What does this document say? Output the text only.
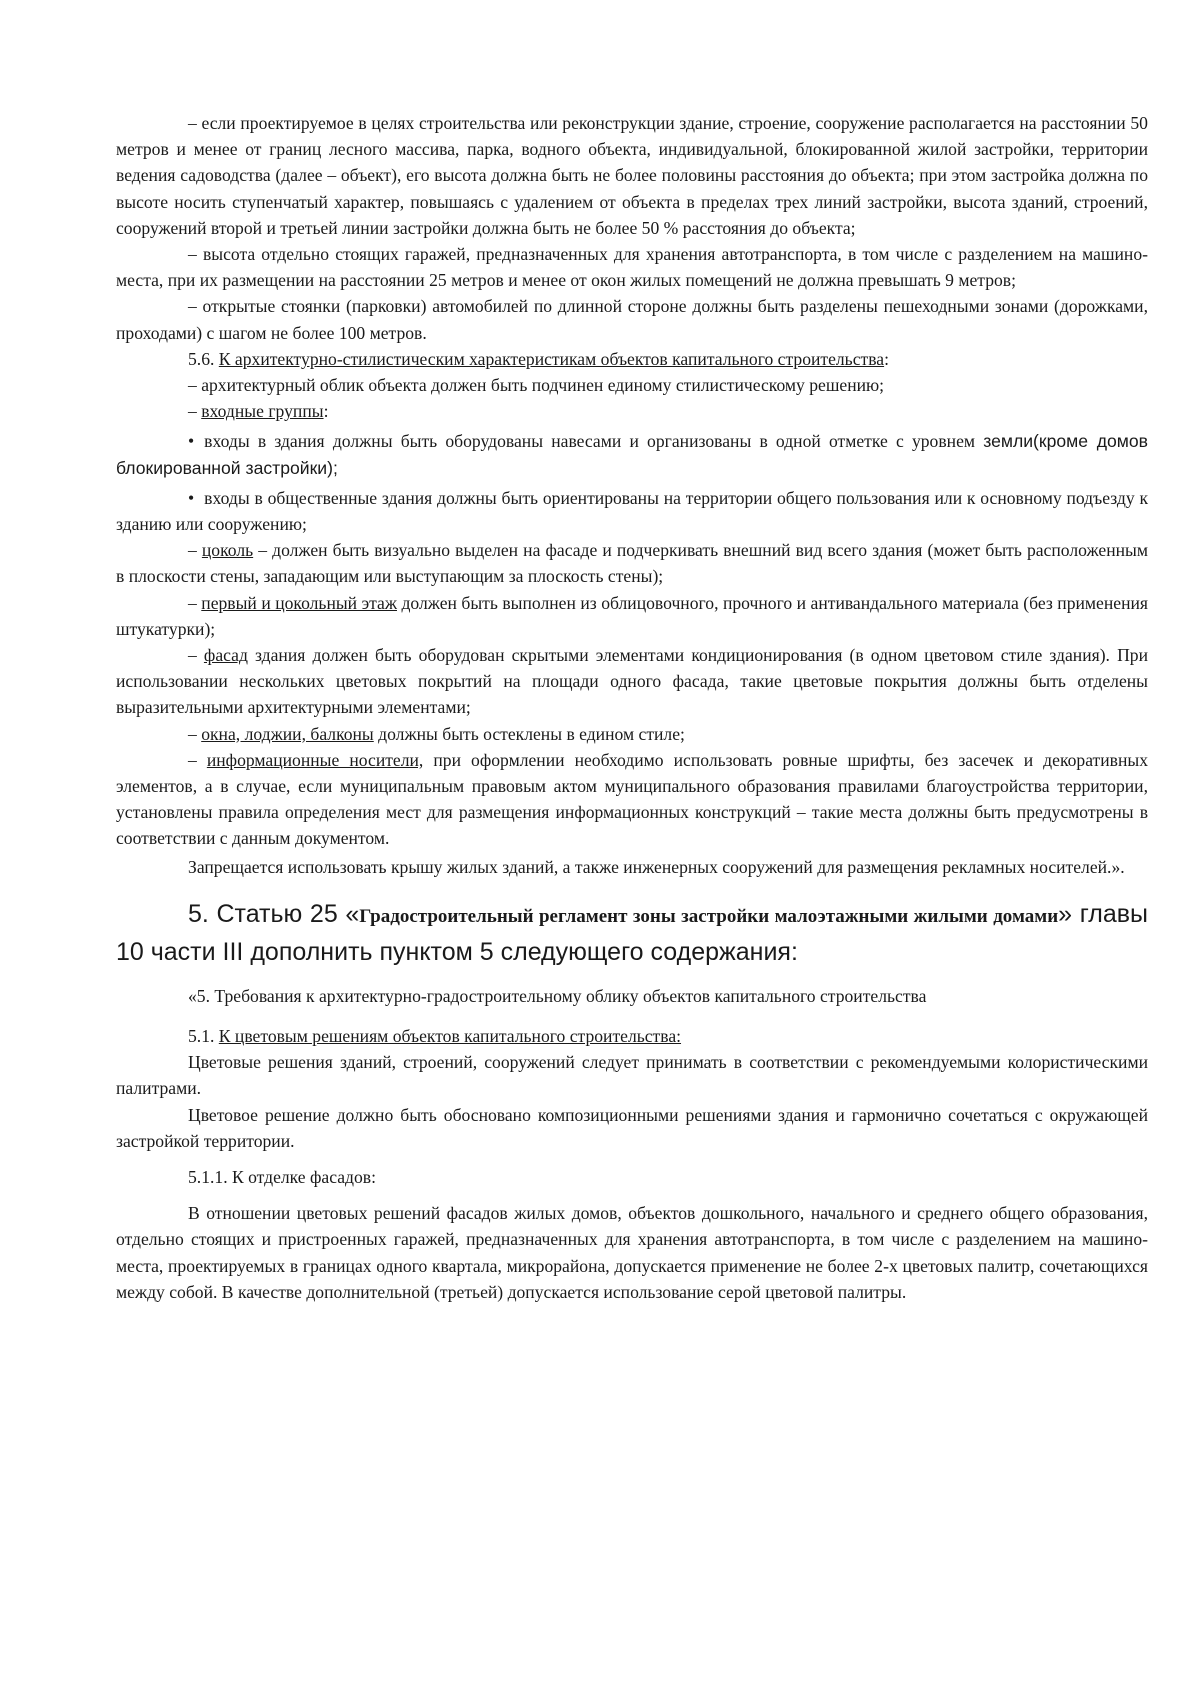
– если проектируемое в целях строительства или реконструкции здание, строение, сооружение располагается на расстоянии 50 метров и менее от границ лесного массива, парка, водного объекта, индивидуальной, блокированной жилой застройки, территории ведения садоводства (далее – объект), его высота должна быть не более половины расстояния до объекта; при этом застройка должна по высоте носить ступенчатый характер, повышаясь с удалением от объекта в пределах трех линий застройки, высота зданий, строений, сооружений второй и третьей линии застройки должна быть не более 50 % расстояния до объекта;

– высота отдельно стоящих гаражей, предназначенных для хранения автотранспорта, в том числе с разделением на машино-места, при их размещении на расстоянии 25 метров и менее от окон жилых помещений не должна превышать 9 метров;

– открытые стоянки (парковки) автомобилей по длинной стороне должны быть разделены пешеходными зонами (дорожками, проходами) с шагом не более 100 метров.

5.6. К архитектурно-стилистическим характеристикам объектов капитального строительства:

– архитектурный облик объекта должен быть подчинен единому стилистическому решению;

– входные группы:

• входы в здания должны быть оборудованы навесами и организованы в одной отметке с уровнем земли(кроме домов блокированной застройки);

• входы в общественные здания должны быть ориентированы на территории общего пользования или к основному подъезду к зданию или сооружению;

– цоколь – должен быть визуально выделен на фасаде и подчеркивать внешний вид всего здания (может быть расположенным в плоскости стены, западающим или выступающим за плоскость стены);

– первый и цокольный этаж должен быть выполнен из облицовочного, прочного и антивандального материала (без применения штукатурки);

– фасад здания должен быть оборудован скрытыми элементами кондиционирования (в одном цветовом стиле здания). При использовании нескольких цветовых покрытий на площади одного фасада, такие цветовые покрытия должны быть отделены выразительными архитектурными элементами;

– окна, лоджии, балконы должны быть остеклены в едином стиле;

– информационные носители, при оформлении необходимо использовать ровные шрифты, без засечек и декоративных элементов, а в случае, если муниципальным правовым актом муниципального образования правилами благоустройства территории, установлены правила определения мест для размещения информационных конструкций – такие места должны быть предусмотрены в соответствии с данным документом.

Запрещается использовать крышу жилых зданий, а также инженерных сооружений для размещения рекламных носителей.».

5. Статью 25 «Градостроительный регламент зоны застройки малоэтажными жилыми домами» главы 10 части III дополнить пунктом 5 следующего содержания:

«5. Требования к архитектурно-градостроительному облику объектов капитального строительства

5.1. К цветовым решениям объектов капитального строительства:

Цветовые решения зданий, строений, сооружений следует принимать в соответствии с рекомендуемыми колористическими палитрами.

Цветовое решение должно быть обосновано композиционными решениями здания и гармонично сочетаться с окружающей застройкой территории.

5.1.1. К отделке фасадов:

В отношении цветовых решений фасадов жилых домов, объектов дошкольного, начального и среднего общего образования, отдельно стоящих и пристроенных гаражей, предназначенных для хранения автотранспорта, в том числе с разделением на машино-места, проектируемых в границах одного квартала, микрорайона, допускается применение не более 2-х цветовых палитр, сочетающихся между собой. В качестве дополнительной (третьей) допускается использование серой цветовой палитры.
